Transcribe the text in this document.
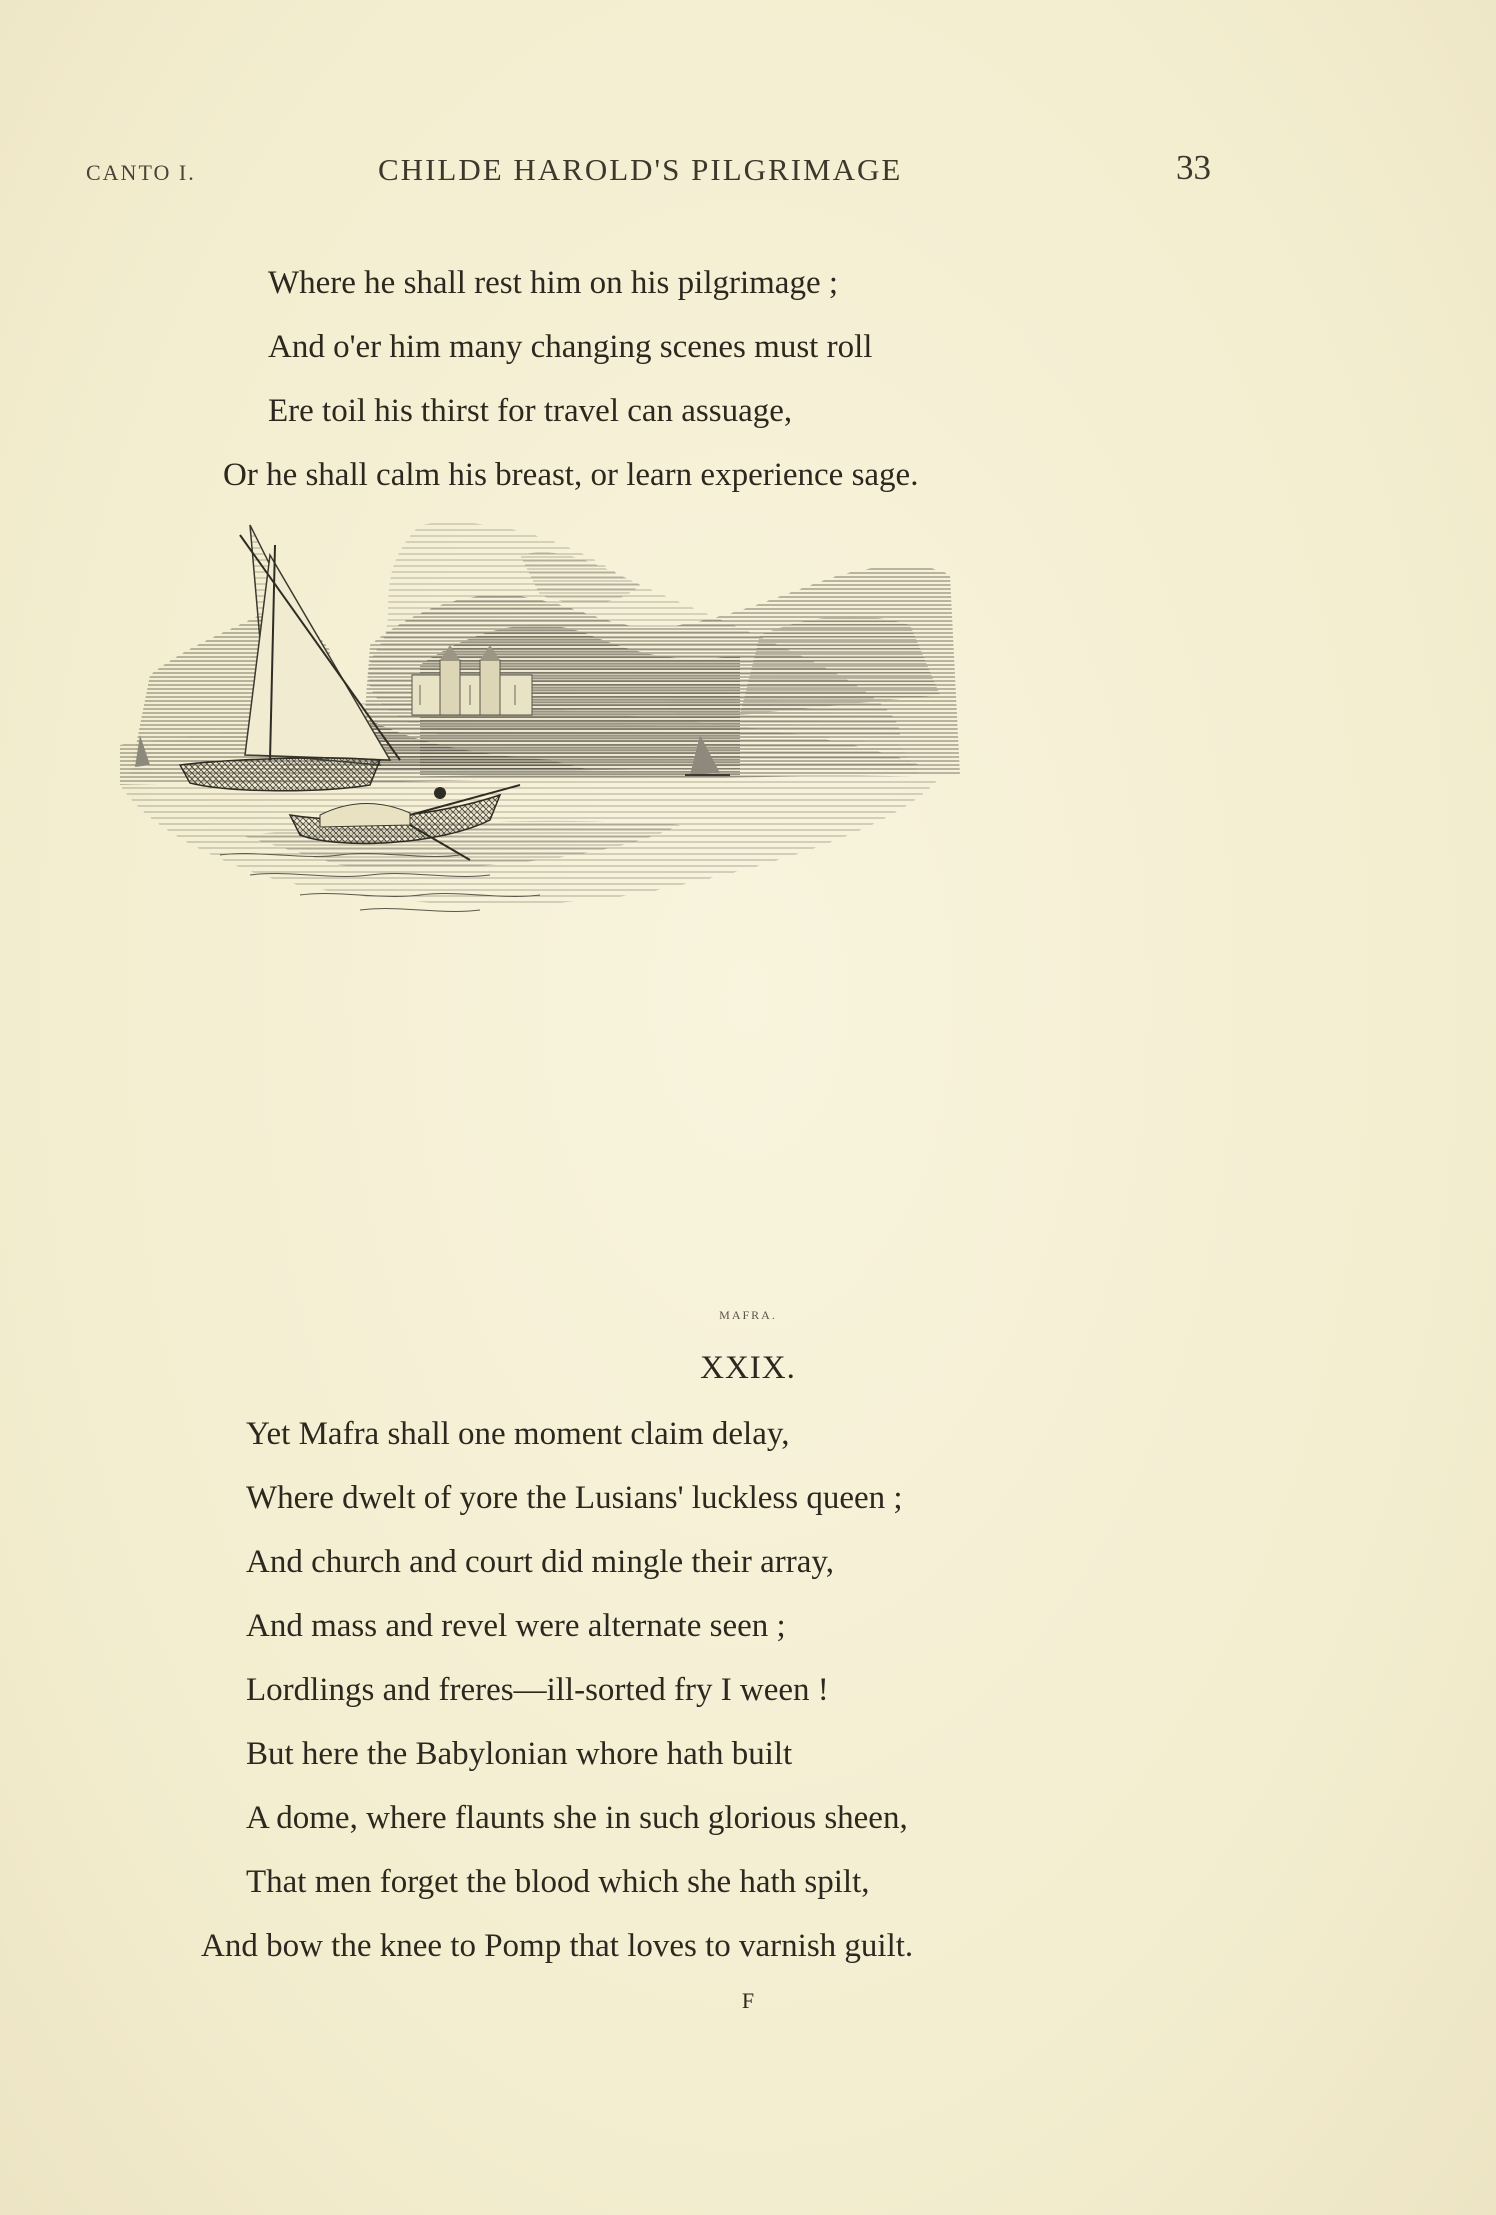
CANTO I.	CHILDE HAROLD'S PILGRIMAGE	33
Where he shall rest him on his pilgrimage ;
And o'er him many changing scenes must roll
Ere toil his thirst for travel can assuage,
Or he shall calm his breast, or learn experience sage.
MAFRA.
XXIX.
Yet Mafra shall one moment claim delay,
Where dwelt of yore the Lusians' luckless queen ;
And church and court did mingle their array,
And mass and revel were alternate seen ;
Lordlings and freres—ill-sorted fry I ween !
But here the Babylonian whore hath built
A dome, where flaunts she in such glorious sheen,
That men forget the blood which she hath spilt,
And bow the knee to Pomp that loves to varnish guilt.
F
